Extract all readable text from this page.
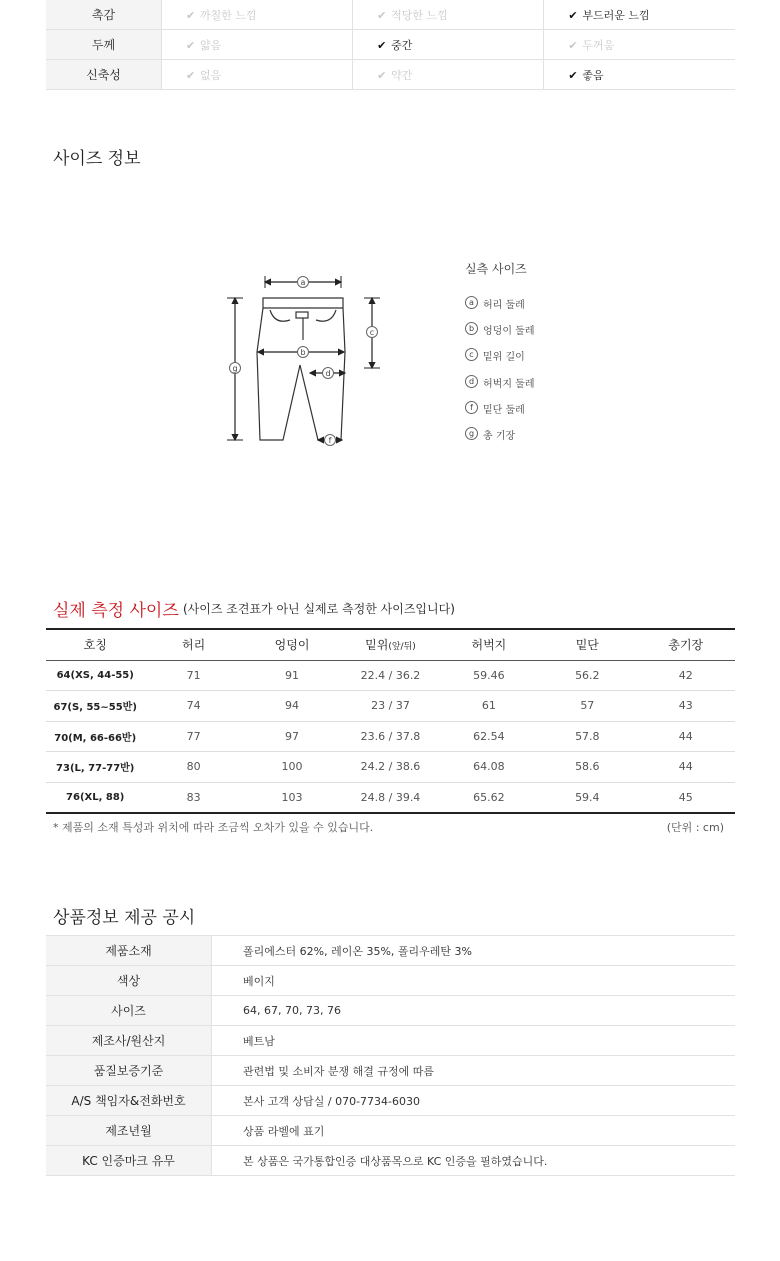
촉감	✔ 까칠한 느낌	✔ 적당한 느낌	✔ 부드러운 느낌
두께	✔ 얇음	✔ 중간	✔ 두꺼움
신축성	✔ 없음	✔ 약간	✔ 좋음
사이즈 정보
a
b
c
d
f
g
실측 사이즈
a 허리 둘레
b 엉덩이 둘레
c 밑위 길이
d 허벅지 둘레
f	밑단 둘레
g 총 기장
실제 측정 사이즈 (사이즈 조견표가 아닌 실제로 측정한 사이즈입니다)
호칭	허리	엉덩이	밑위(앞/뒤)	허벅지	밑단	총기장
64(XS, 44-55)	71	91	22.4 / 36.2	59.46	56.2	42
67(S, 55~55반)	74	94	23 / 37	61	57	43
70(M, 66-66반)	77	97	23.6 / 37.8	62.54	57.8	44
73(L, 77-77반)	80	100	24.2 / 38.6	64.08	58.6	44
76(XL, 88)	83	103	24.8 / 39.4	65.62	59.4	45
* 제품의 소재 특성과 위치에 따라 조금씩 오차가 있을 수 있습니다.	(단위 : cm)
상품정보 제공 공시
제품소재	폴리에스터 62%, 레이온 35%, 폴리우레탄 3%
색상	베이지
사이즈	64, 67, 70, 73, 76
제조사/원산지	베트남
품질보증기준	관련법 및 소비자 분쟁 해결 규정에 따름
A/S 책임자&전화번호	본사 고객 상담실 / 070-7734-6030
제조년월	상품 라벨에 표기
KC 인증마크 유무	본 상품은 국가통합인증 대상품목으로 KC 인증을 필하였습니다.
